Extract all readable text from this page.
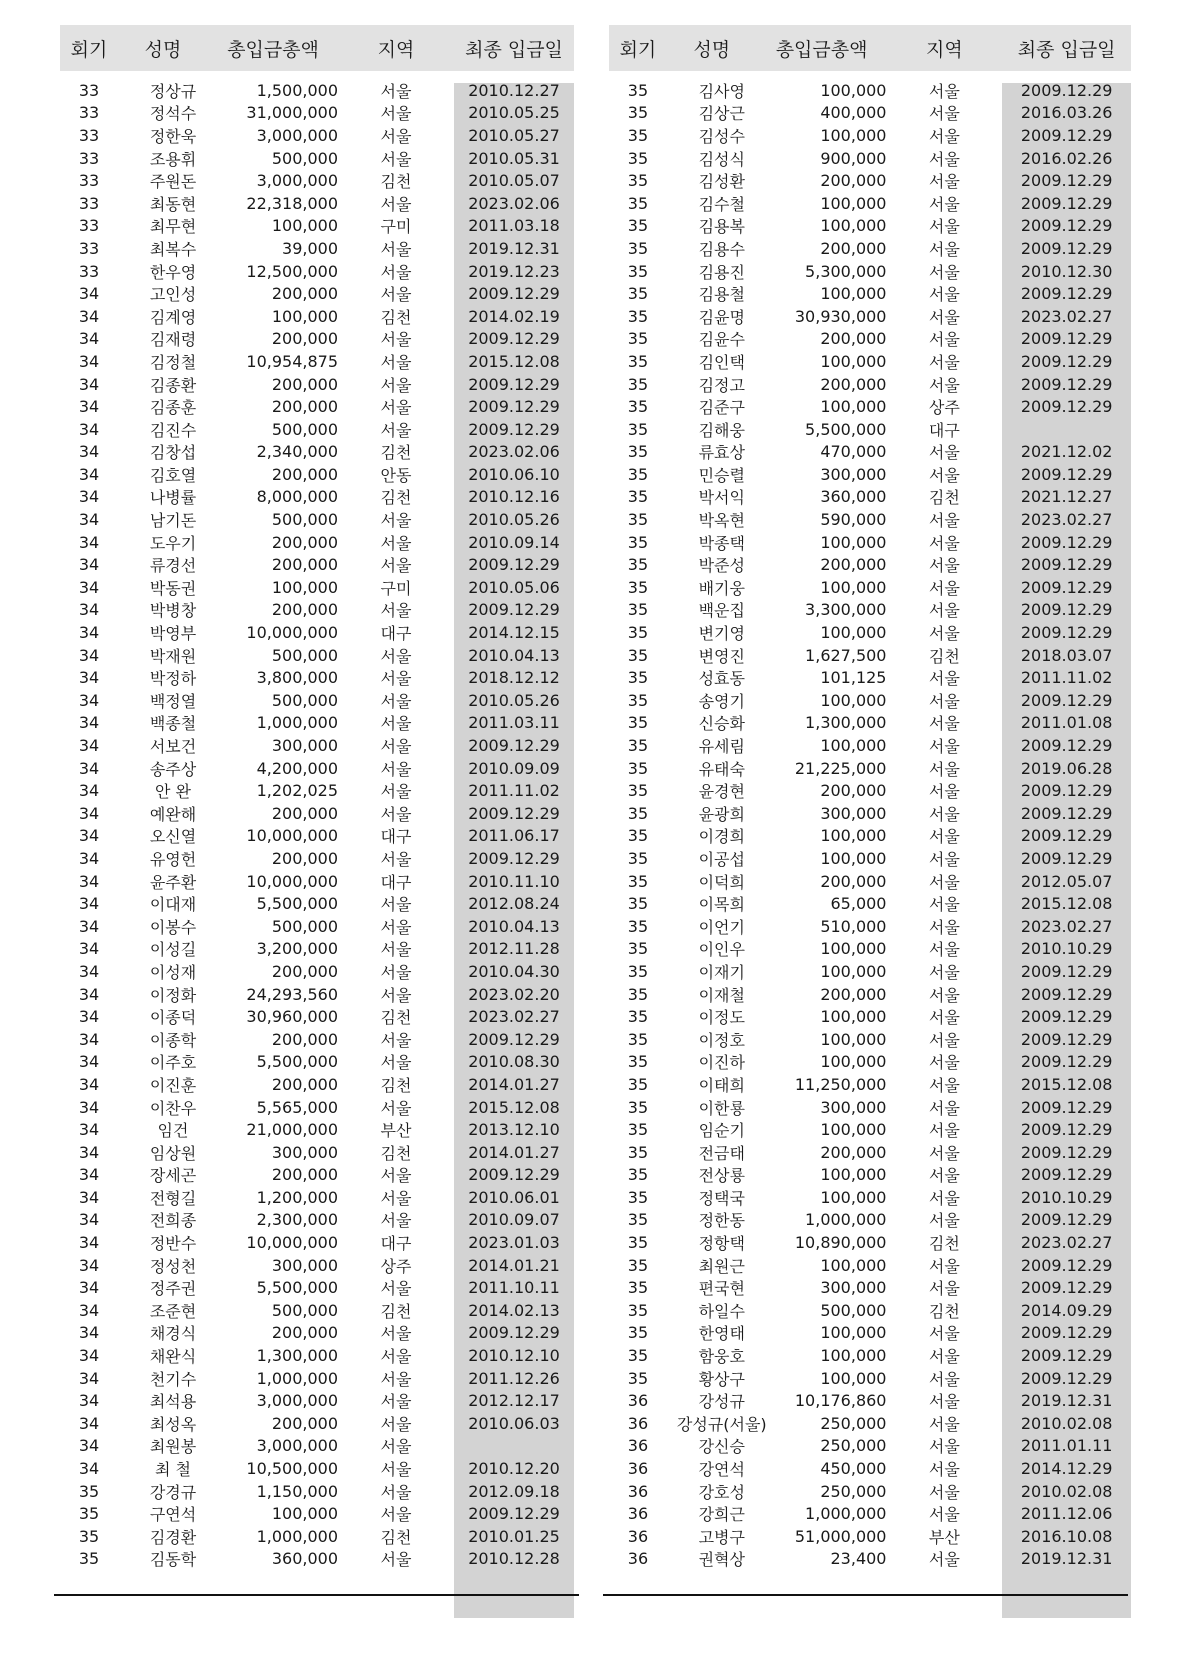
회기	성명	총입금총액	지역	최종 입금일
33	정상규	1,500,000	서울	2010.12.27
33	정석수	31,000,000	서울	2010.05.25
33	정한욱	3,000,000	서울	2010.05.27
33	조용휘	500,000	서울	2010.05.31
33	주원돈	3,000,000	김천	2010.05.07
33	최동현	22,318,000	서울	2023.02.06
33	최무현	100,000	구미	2011.03.18
33	최복수	39,000	서울	2019.12.31
33	한우영	12,500,000	서울	2019.12.23
34	고인성	200,000	서울	2009.12.29
34	김계영	100,000	김천	2014.02.19
34	김재령	200,000	서울	2009.12.29
34	김정철	10,954,875	서울	2015.12.08
34	김종환	200,000	서울	2009.12.29
34	김종훈	200,000	서울	2009.12.29
34	김진수	500,000	서울	2009.12.29
34	김창섭	2,340,000	김천	2023.02.06
34	김호열	200,000	안동	2010.06.10
34	나병률	8,000,000	김천	2010.12.16
34	남기돈	500,000	서울	2010.05.26
34	도우기	200,000	서울	2010.09.14
34	류경선	200,000	서울	2009.12.29
34	박동권	100,000	구미	2010.05.06
34	박병창	200,000	서울	2009.12.29
34	박영부	10,000,000	대구	2014.12.15
34	박재원	500,000	서울	2010.04.13
34	박정하	3,800,000	서울	2018.12.12
34	백정열	500,000	서울	2010.05.26
34	백종철	1,000,000	서울	2011.03.11
34	서보건	300,000	서울	2009.12.29
34	송주상	4,200,000	서울	2010.09.09
34	안 완	1,202,025	서울	2011.11.02
34	예완해	200,000	서울	2009.12.29
34	오신열	10,000,000	대구	2011.06.17
34	유영헌	200,000	서울	2009.12.29
34	윤주환	10,000,000	대구	2010.11.10
34	이대재	5,500,000	서울	2012.08.24
34	이봉수	500,000	서울	2010.04.13
34	이성길	3,200,000	서울	2012.11.28
34	이성재	200,000	서울	2010.04.30
34	이정화	24,293,560	서울	2023.02.20
34	이종덕	30,960,000	김천	2023.02.27
34	이종학	200,000	서울	2009.12.29
34	이주호	5,500,000	서울	2010.08.30
34	이진훈	200,000	김천	2014.01.27
34	이찬우	5,565,000	서울	2015.12.08
34	임건	21,000,000	부산	2013.12.10
34	임상원	300,000	김천	2014.01.27
34	장세곤	200,000	서울	2009.12.29
34	전형길	1,200,000	서울	2010.06.01
34	전희종	2,300,000	서울	2010.09.07
34	정반수	10,000,000	대구	2023.01.03
34	정성천	300,000	상주	2014.01.21
34	정주권	5,500,000	서울	2011.10.11
34	조준현	500,000	김천	2014.02.13
34	채경식	200,000	서울	2009.12.29
34	채완식	1,300,000	서울	2010.12.10
34	천기수	1,000,000	서울	2011.12.26
34	최석용	3,000,000	서울	2012.12.17
34	최성옥	200,000	서울	2010.06.03
34	최원봉	3,000,000	서울
34	최 철	10,500,000	서울	2010.12.20
35	강경규	1,150,000	서울	2012.09.18
35	구연석	100,000	서울	2009.12.29
35	김경환	1,000,000	김천	2010.01.25
35	김동학	360,000	서울	2010.12.28
회기	성명	총입금총액	지역	최종 입금일
35	김사영	100,000	서울	2009.12.29
35	김상근	400,000	서울	2016.03.26
35	김성수	100,000	서울	2009.12.29
35	김성식	900,000	서울	2016.02.26
35	김성환	200,000	서울	2009.12.29
35	김수철	100,000	서울	2009.12.29
35	김용복	100,000	서울	2009.12.29
35	김용수	200,000	서울	2009.12.29
35	김용진	5,300,000	서울	2010.12.30
35	김용철	100,000	서울	2009.12.29
35	김윤명	30,930,000	서울	2023.02.27
35	김윤수	200,000	서울	2009.12.29
35	김인택	100,000	서울	2009.12.29
35	김정고	200,000	서울	2009.12.29
35	김준구	100,000	상주	2009.12.29
35	김해웅	5,500,000	대구
35	류효상	470,000	서울	2021.12.02
35	민승렬	300,000	서울	2009.12.29
35	박서익	360,000	김천	2021.12.27
35	박옥현	590,000	서울	2023.02.27
35	박종택	100,000	서울	2009.12.29
35	박준성	200,000	서울	2009.12.29
35	배기웅	100,000	서울	2009.12.29
35	백운집	3,300,000	서울	2009.12.29
35	변기영	100,000	서울	2009.12.29
35	변영진	1,627,500	김천	2018.03.07
35	성효동	101,125	서울	2011.11.02
35	송영기	100,000	서울	2009.12.29
35	신승화	1,300,000	서울	2011.01.08
35	유세림	100,000	서울	2009.12.29
35	유태숙	21,225,000	서울	2019.06.28
35	윤경현	200,000	서울	2009.12.29
35	윤광희	300,000	서울	2009.12.29
35	이경희	100,000	서울	2009.12.29
35	이공섭	100,000	서울	2009.12.29
35	이덕희	200,000	서울	2012.05.07
35	이목희	65,000	서울	2015.12.08
35	이언기	510,000	서울	2023.02.27
35	이인우	100,000	서울	2010.10.29
35	이재기	100,000	서울	2009.12.29
35	이재철	200,000	서울	2009.12.29
35	이정도	100,000	서울	2009.12.29
35	이정호	100,000	서울	2009.12.29
35	이진하	100,000	서울	2009.12.29
35	이태희	11,250,000	서울	2015.12.08
35	이한룡	300,000	서울	2009.12.29
35	임순기	100,000	서울	2009.12.29
35	전금태	200,000	서울	2009.12.29
35	전상룡	100,000	서울	2009.12.29
35	정택국	100,000	서울	2010.10.29
35	정한동	1,000,000	서울	2009.12.29
35	정항택	10,890,000	김천	2023.02.27
35	최원근	100,000	서울	2009.12.29
35	편국현	300,000	서울	2009.12.29
35	하일수	500,000	김천	2014.09.29
35	한영태	100,000	서울	2009.12.29
35	함웅호	100,000	서울	2009.12.29
35	황상구	100,000	서울	2009.12.29
36	강성규	10,176,860	서울	2019.12.31
36	강성규(서울)	250,000	서울	2010.02.08
36	강신승	250,000	서울	2011.01.11
36	강연석	450,000	서울	2014.12.29
36	강호성	250,000	서울	2010.02.08
36	강희근	1,000,000	서울	2011.12.06
36	고병구	51,000,000	부산	2016.10.08
36	권혁상	23,400	서울	2019.12.31
